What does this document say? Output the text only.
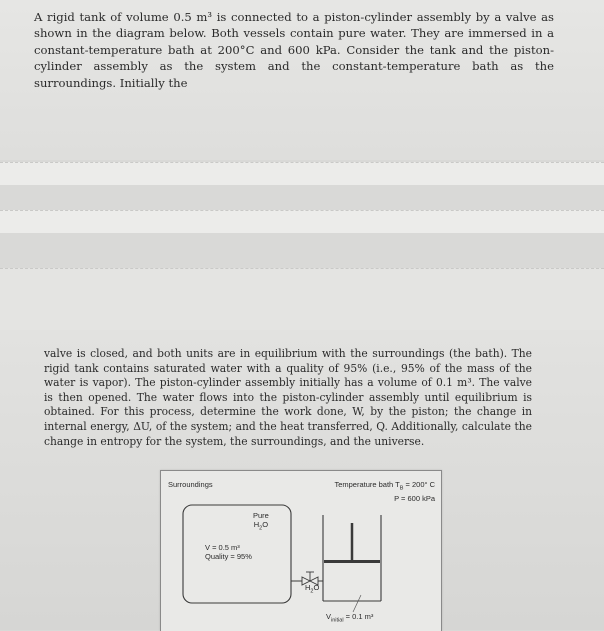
A rigid tank of volume 0.5 m³ is connected to a piston-cylinder assembly by a valve as shown in the diagram below. Both vessels contain pure water. They are immersed in a constant-temperature bath at 200°C and 600 kPa. Consider the tank and the piston-cylinder assembly as the system and the constant-temperature bath as the surroundings. Initially the

valve is closed, and both units are in equilibrium with the surroundings (the bath). The rigid tank contains saturated water with a quality of 95% (i.e., 95% of the mass of the water is vapor). The piston-cylinder assembly initially has a volume of 0.1 m³. The valve is then opened. The water flows into the piston-cylinder assembly until equilibrium is obtained. For this process, determine the work done, W, by the piston; the change in internal energy, ΔU, of the system; and the heat transferred, Q. Additionally, calculate the change in entropy for the system, the surroundings, and the universe.

Surroundings	Temperature bath $T_B = 200^\circ$ C
P = 600 kPa
Pure
$H_2O$
V = 0.5 m³
Quality = 95%
$H_2O$
$V_{initial} = 0.1$ m³
